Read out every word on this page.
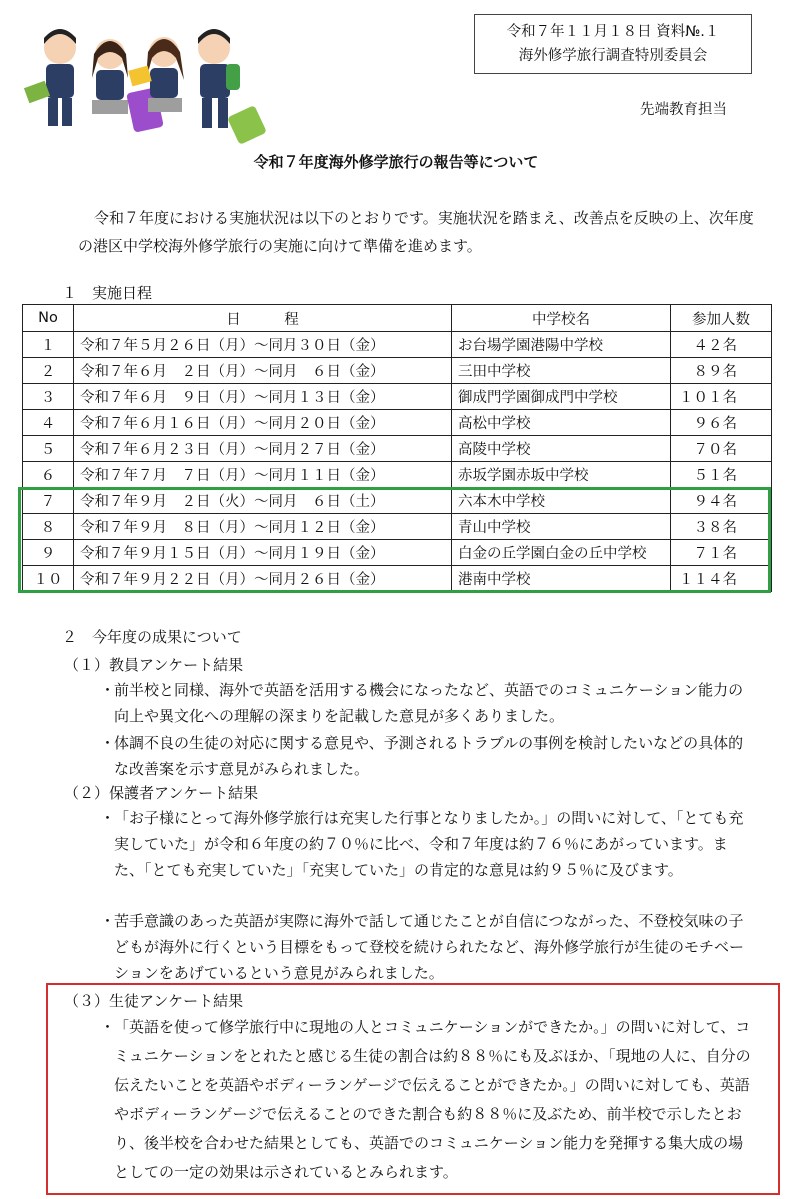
令和７年１１月１８日 資料№.１
海外修学旅行調査特別委員会
先端教育担当
令和７年度海外修学旅行の報告等について
令和７年度における実施状況は以下のとおりです。実施状況を踏まえ、改善点を反映の上、次年度の港区中学校海外修学旅行の実施に向けて準備を進めます。
１　実施日程
No	日　　　程	中学校名	参加人数
１	令和７年５月２６日（月）～同月３０日（金）	お台場学園港陽中学校	４２名
２	令和７年６月　２日（月）～同月　６日（金）	三田中学校	８９名
３	令和７年６月　９日（月）～同月１３日（金）	御成門学園御成門中学校	１０１名
４	令和７年６月１６日（月）～同月２０日（金）	高松中学校	９６名
５	令和７年６月２３日（月）～同月２７日（金）	高陵中学校	７０名
６	令和７年７月　７日（月）～同月１１日（金）	赤坂学園赤坂中学校	５１名
７	令和７年９月　２日（火）～同月　６日（土）	六本木中学校	９４名
８	令和７年９月　８日（月）～同月１２日（金）	青山中学校	３８名
９	令和７年９月１５日（月）～同月１９日（金）	白金の丘学園白金の丘中学校	７１名
１０	令和７年９月２２日（月）～同月２６日（金）	港南中学校	１１４名
２　今年度の成果について
（１）教員アンケート結果
・
前半校と同様、海外で英語を活用する機会になったなど、英語でのコミュニケーション能力の向上や異文化への理解の深まりを記載した意見が多くありました。
・
体調不良の生徒の対応に関する意見や、予測されるトラブルの事例を検討したいなどの具体的な改善案を示す意見がみられました。
（２）保護者アンケート結果
・
「お子様にとって海外修学旅行は充実した行事となりましたか。」の問いに対して、「とても充実していた」が令和６年度の約７０％に比べ、令和７年度は約７６％にあがっています。また、「とても充実していた」「充実していた」の肯定的な意見は約９５％に及びます。
・
苦手意識のあった英語が実際に海外で話して通じたことが自信につながった、不登校気味の子どもが海外に行くという目標をもって登校を続けられたなど、海外修学旅行が生徒のモチベーションをあげているという意見がみられました。
（３）生徒アンケート結果
・
「英語を使って修学旅行中に現地の人とコミュニケーションができたか。」の問いに対して、コミュニケーションをとれたと感じる生徒の割合は約８８％にも及ぶほか、「現地の人に、自分の伝えたいことを英語やボディーランゲージで伝えることができたか。」の問いに対しても、英語やボディーランゲージで伝えることのできた割合も約８８％に及ぶため、前半校で示したとおり、後半校を合わせた結果としても、英語でのコミュニケーション能力を発揮する集大成の場としての一定の効果は示されているとみられます。
